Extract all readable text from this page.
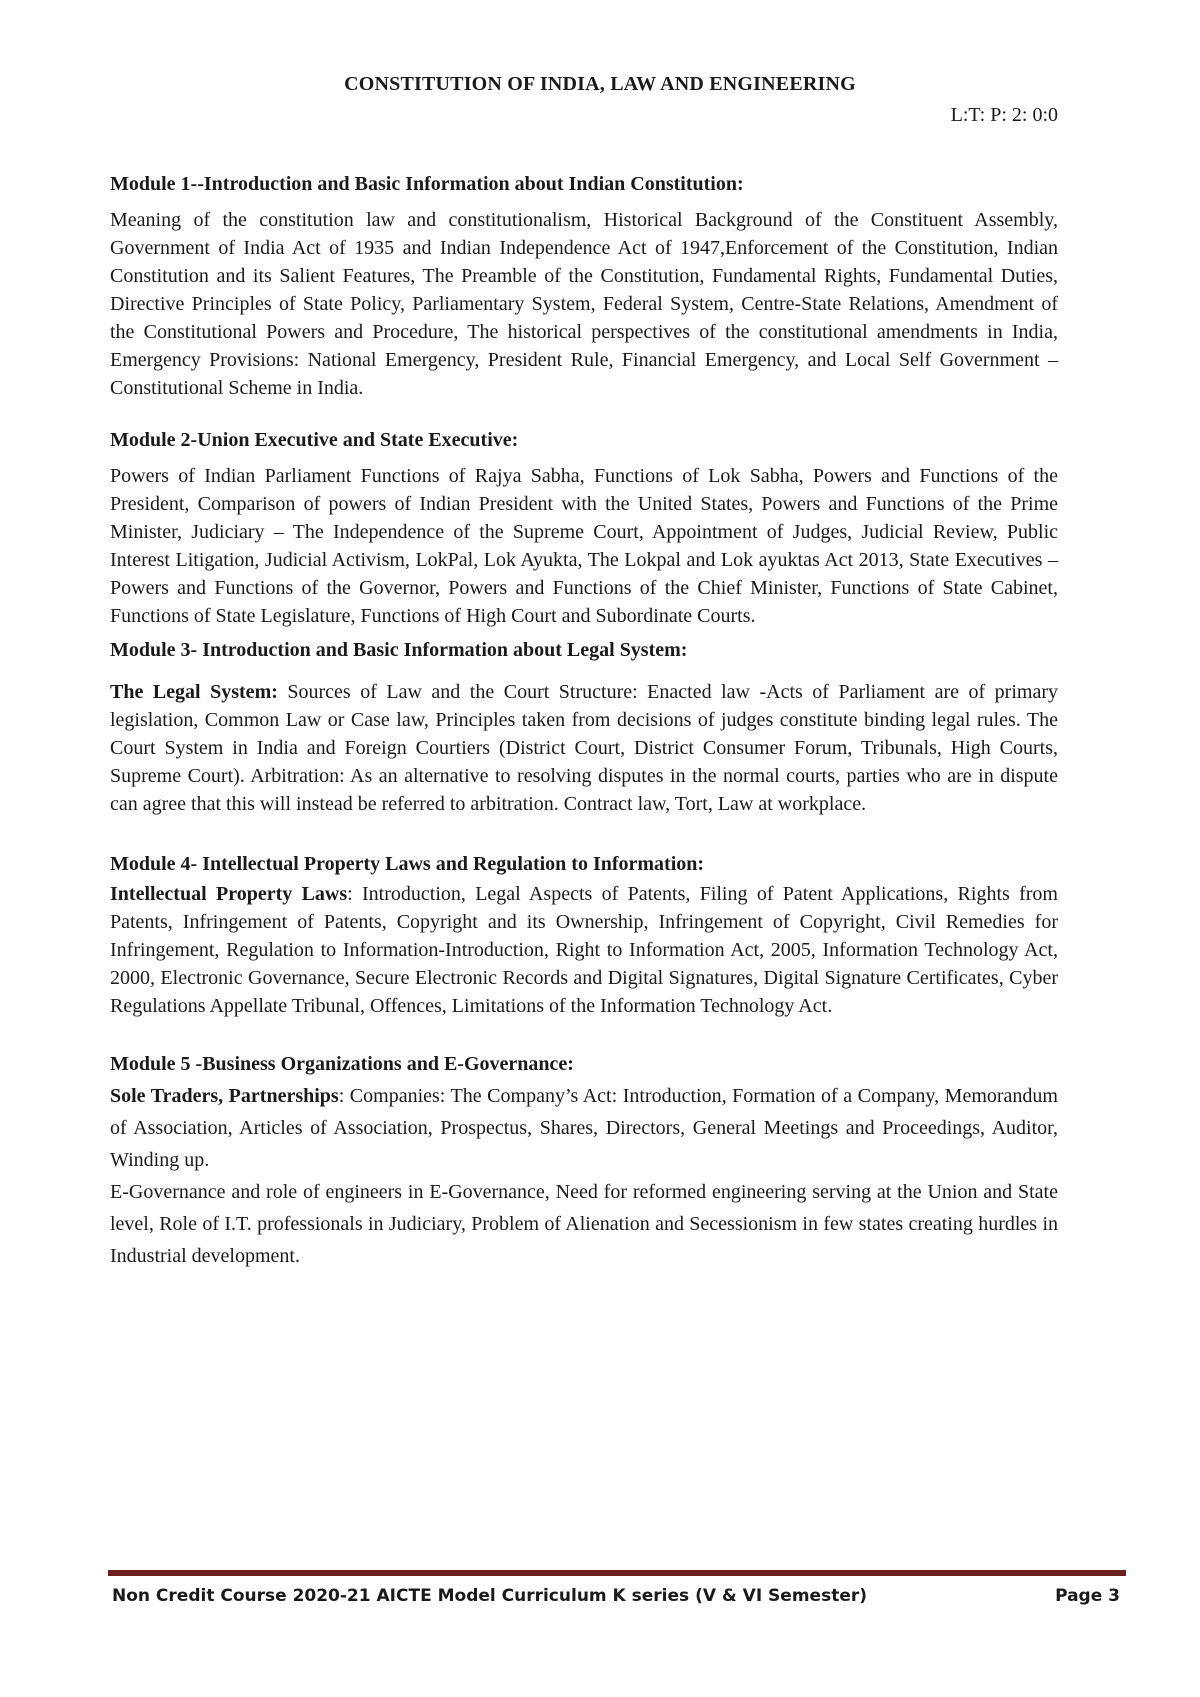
CONSTITUTION OF INDIA, LAW AND ENGINEERING

L:T: P: 2: 0:0

Module 1--Introduction and Basic Information about Indian Constitution:

Meaning of the constitution law and constitutionalism, Historical Background of the Constituent Assembly, Government of India Act of 1935 and Indian Independence Act of 1947,Enforcement of the Constitution, Indian Constitution and its Salient Features, The Preamble of the Constitution, Fundamental Rights, Fundamental Duties, Directive Principles of State Policy, Parliamentary System, Federal System, Centre-State Relations, Amendment of the Constitutional Powers and Procedure, The historical perspectives of the constitutional amendments in India, Emergency Provisions: National Emergency, President Rule, Financial Emergency, and Local Self Government – Constitutional Scheme in India.

Module 2-Union Executive and State Executive:

Powers of Indian Parliament Functions of Rajya Sabha, Functions of Lok Sabha, Powers and Functions of the President, Comparison of powers of Indian President with the United States, Powers and Functions of the Prime Minister, Judiciary – The Independence of the Supreme Court, Appointment of Judges, Judicial Review, Public Interest Litigation, Judicial Activism, LokPal, Lok Ayukta, The Lokpal and Lok ayuktas Act 2013, State Executives – Powers and Functions of the Governor, Powers and Functions of the Chief Minister, Functions of State Cabinet, Functions of State Legislature, Functions of High Court and Subordinate Courts.

Module 3- Introduction and Basic Information about Legal System:

The Legal System: Sources of Law and the Court Structure: Enacted law -Acts of Parliament are of primary legislation, Common Law or Case law, Principles taken from decisions of judges constitute binding legal rules. The Court System in India and Foreign Courtiers (District Court, District Consumer Forum, Tribunals, High Courts, Supreme Court). Arbitration: As an alternative to resolving disputes in the normal courts, parties who are in dispute can agree that this will instead be referred to arbitration. Contract law, Tort, Law at workplace.

Module 4- Intellectual Property Laws and Regulation to Information:

Intellectual Property Laws: Introduction, Legal Aspects of Patents, Filing of Patent Applications, Rights from Patents, Infringement of Patents, Copyright and its Ownership, Infringement of Copyright, Civil Remedies for Infringement, Regulation to Information-Introduction, Right to Information Act, 2005, Information Technology Act, 2000, Electronic Governance, Secure Electronic Records and Digital Signatures, Digital Signature Certificates, Cyber Regulations Appellate Tribunal, Offences, Limitations of the Information Technology Act.

Module 5 -Business Organizations and E-Governance:

Sole Traders, Partnerships: Companies: The Company’s Act: Introduction, Formation of a Company, Memorandum of Association, Articles of Association, Prospectus, Shares, Directors, General Meetings and Proceedings, Auditor, Winding up.

E-Governance and role of engineers in E-Governance, Need for reformed engineering serving at the Union and State level, Role of I.T. professionals in Judiciary, Problem of Alienation and Secessionism in few states creating hurdles in Industrial development.

Non Credit Course 2020-21 AICTE Model Curriculum K series (V & VI Semester)	Page 3
